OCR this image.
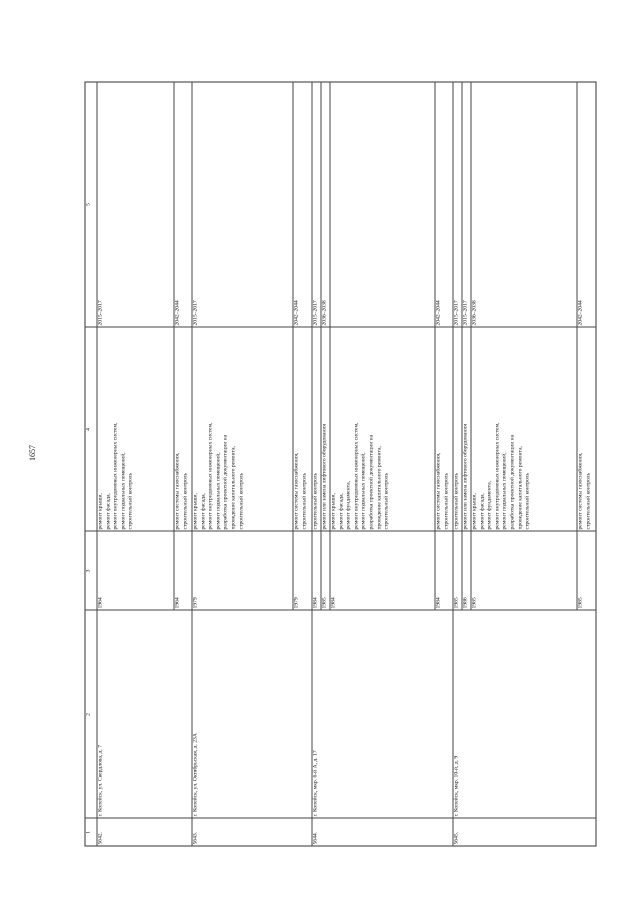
1657
1
2
3
4
5
5642.
г. Копейск, ул. Свердлова, д. 7
1964
ремонт крыши,
ремонт фасада,
ремонт внутридомовых инженерных систем,
ремонт подвальных помещений,
строительный контроль
2015–2017
1964
ремонт системы газоснабжения,
строительный контроль
2042–2044
5643.
г. Копейск, ул. Октябрьская, д. 23А
1979
ремонт крыши,
ремонт фасада,
ремонт внутридомовых инженерных систем,
ремонт подвальных помещений,
разработка проектной документации на
проведение капитального ремонта,
строительный контроль
2015–2017
1979
ремонт системы газоснабжения,
строительный контроль
2042–2044
5644.
г. Копейск, мкр. 6-й А, д. 17
1984
строительный контроль
2015–2017
1985
ремонт или замена лифтового оборудования
2036–2038
1984
ремонт крыши,
ремонт фасада,
ремонт фундамента,
ремонт внутридомовых инженерных систем,
ремонт подвальных помещений,
разработка проектной документации на
проведение капитального ремонта,
строительный контроль
1984
ремонт системы газоснабжения,
строительный контроль
2042–2044
5645.
г. Копейск, мкр. 10-й, д. 9
1985
строительный контроль
2015–2017
1986
ремонт или замена лифтового оборудования
2015–2017
1985
ремонт крыши,
ремонт фасада,
ремонт фундамента,
ремонт внутридомовых инженерных систем,
ремонт подвальных помещений,
разработка проектной документации на
проведение капитального ремонта,
строительный контроль
2036–2038
1985
ремонт системы газоснабжения,
строительный контроль
2042–2044
